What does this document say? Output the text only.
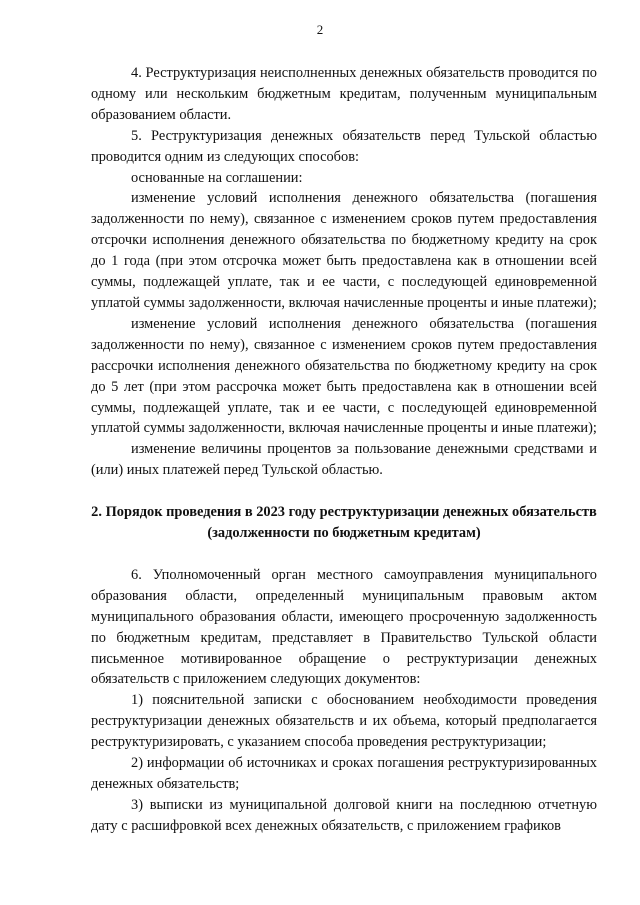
2

4. Реструктуризация неисполненных денежных обязательств проводится по одному или нескольким бюджетным кредитам, полученным муниципальным образованием области.

5. Реструктуризация денежных обязательств перед Тульской областью проводится одним из следующих способов:

основанные на соглашении:

изменение условий исполнения денежного обязательства (погашения задолженности по нему), связанное с изменением сроков путем предоставления отсрочки исполнения денежного обязательства по бюджетному кредиту на срок до 1 года (при этом отсрочка может быть предоставлена как в отношении всей суммы, подлежащей уплате, так и ее части, с последующей единовременной уплатой суммы задолженности, включая начисленные проценты и иные платежи);

изменение условий исполнения денежного обязательства (погашения задолженности по нему), связанное с изменением сроков путем предоставления рассрочки исполнения денежного обязательства по бюджетному кредиту на срок до 5 лет (при этом рассрочка может быть предоставлена как в отношении всей суммы, подлежащей уплате, так и ее части, с последующей единовременной уплатой суммы задолженности, включая начисленные проценты и иные платежи);

изменение величины процентов за пользование денежными средствами и (или) иных платежей перед Тульской областью.

2. Порядок проведения в 2023 году реструктуризации денежных обязательств (задолженности по бюджетным кредитам)

6. Уполномоченный орган местного самоуправления муниципального образования области, определенный муниципальным правовым актом муниципального образования области, имеющего просроченную задолженность по бюджетным кредитам, представляет в Правительство Тульской области письменное мотивированное обращение о реструктуризации денежных обязательств с приложением следующих документов:

1) пояснительной записки с обоснованием необходимости проведения реструктуризации денежных обязательств и их объема, который предполагается реструктуризировать, с указанием способа проведения реструктуризации;

2) информации об источниках и сроках погашения реструктуризированных денежных обязательств;

3) выписки из муниципальной долговой книги на последнюю отчетную дату с расшифровкой всех денежных обязательств, с приложением графиков
